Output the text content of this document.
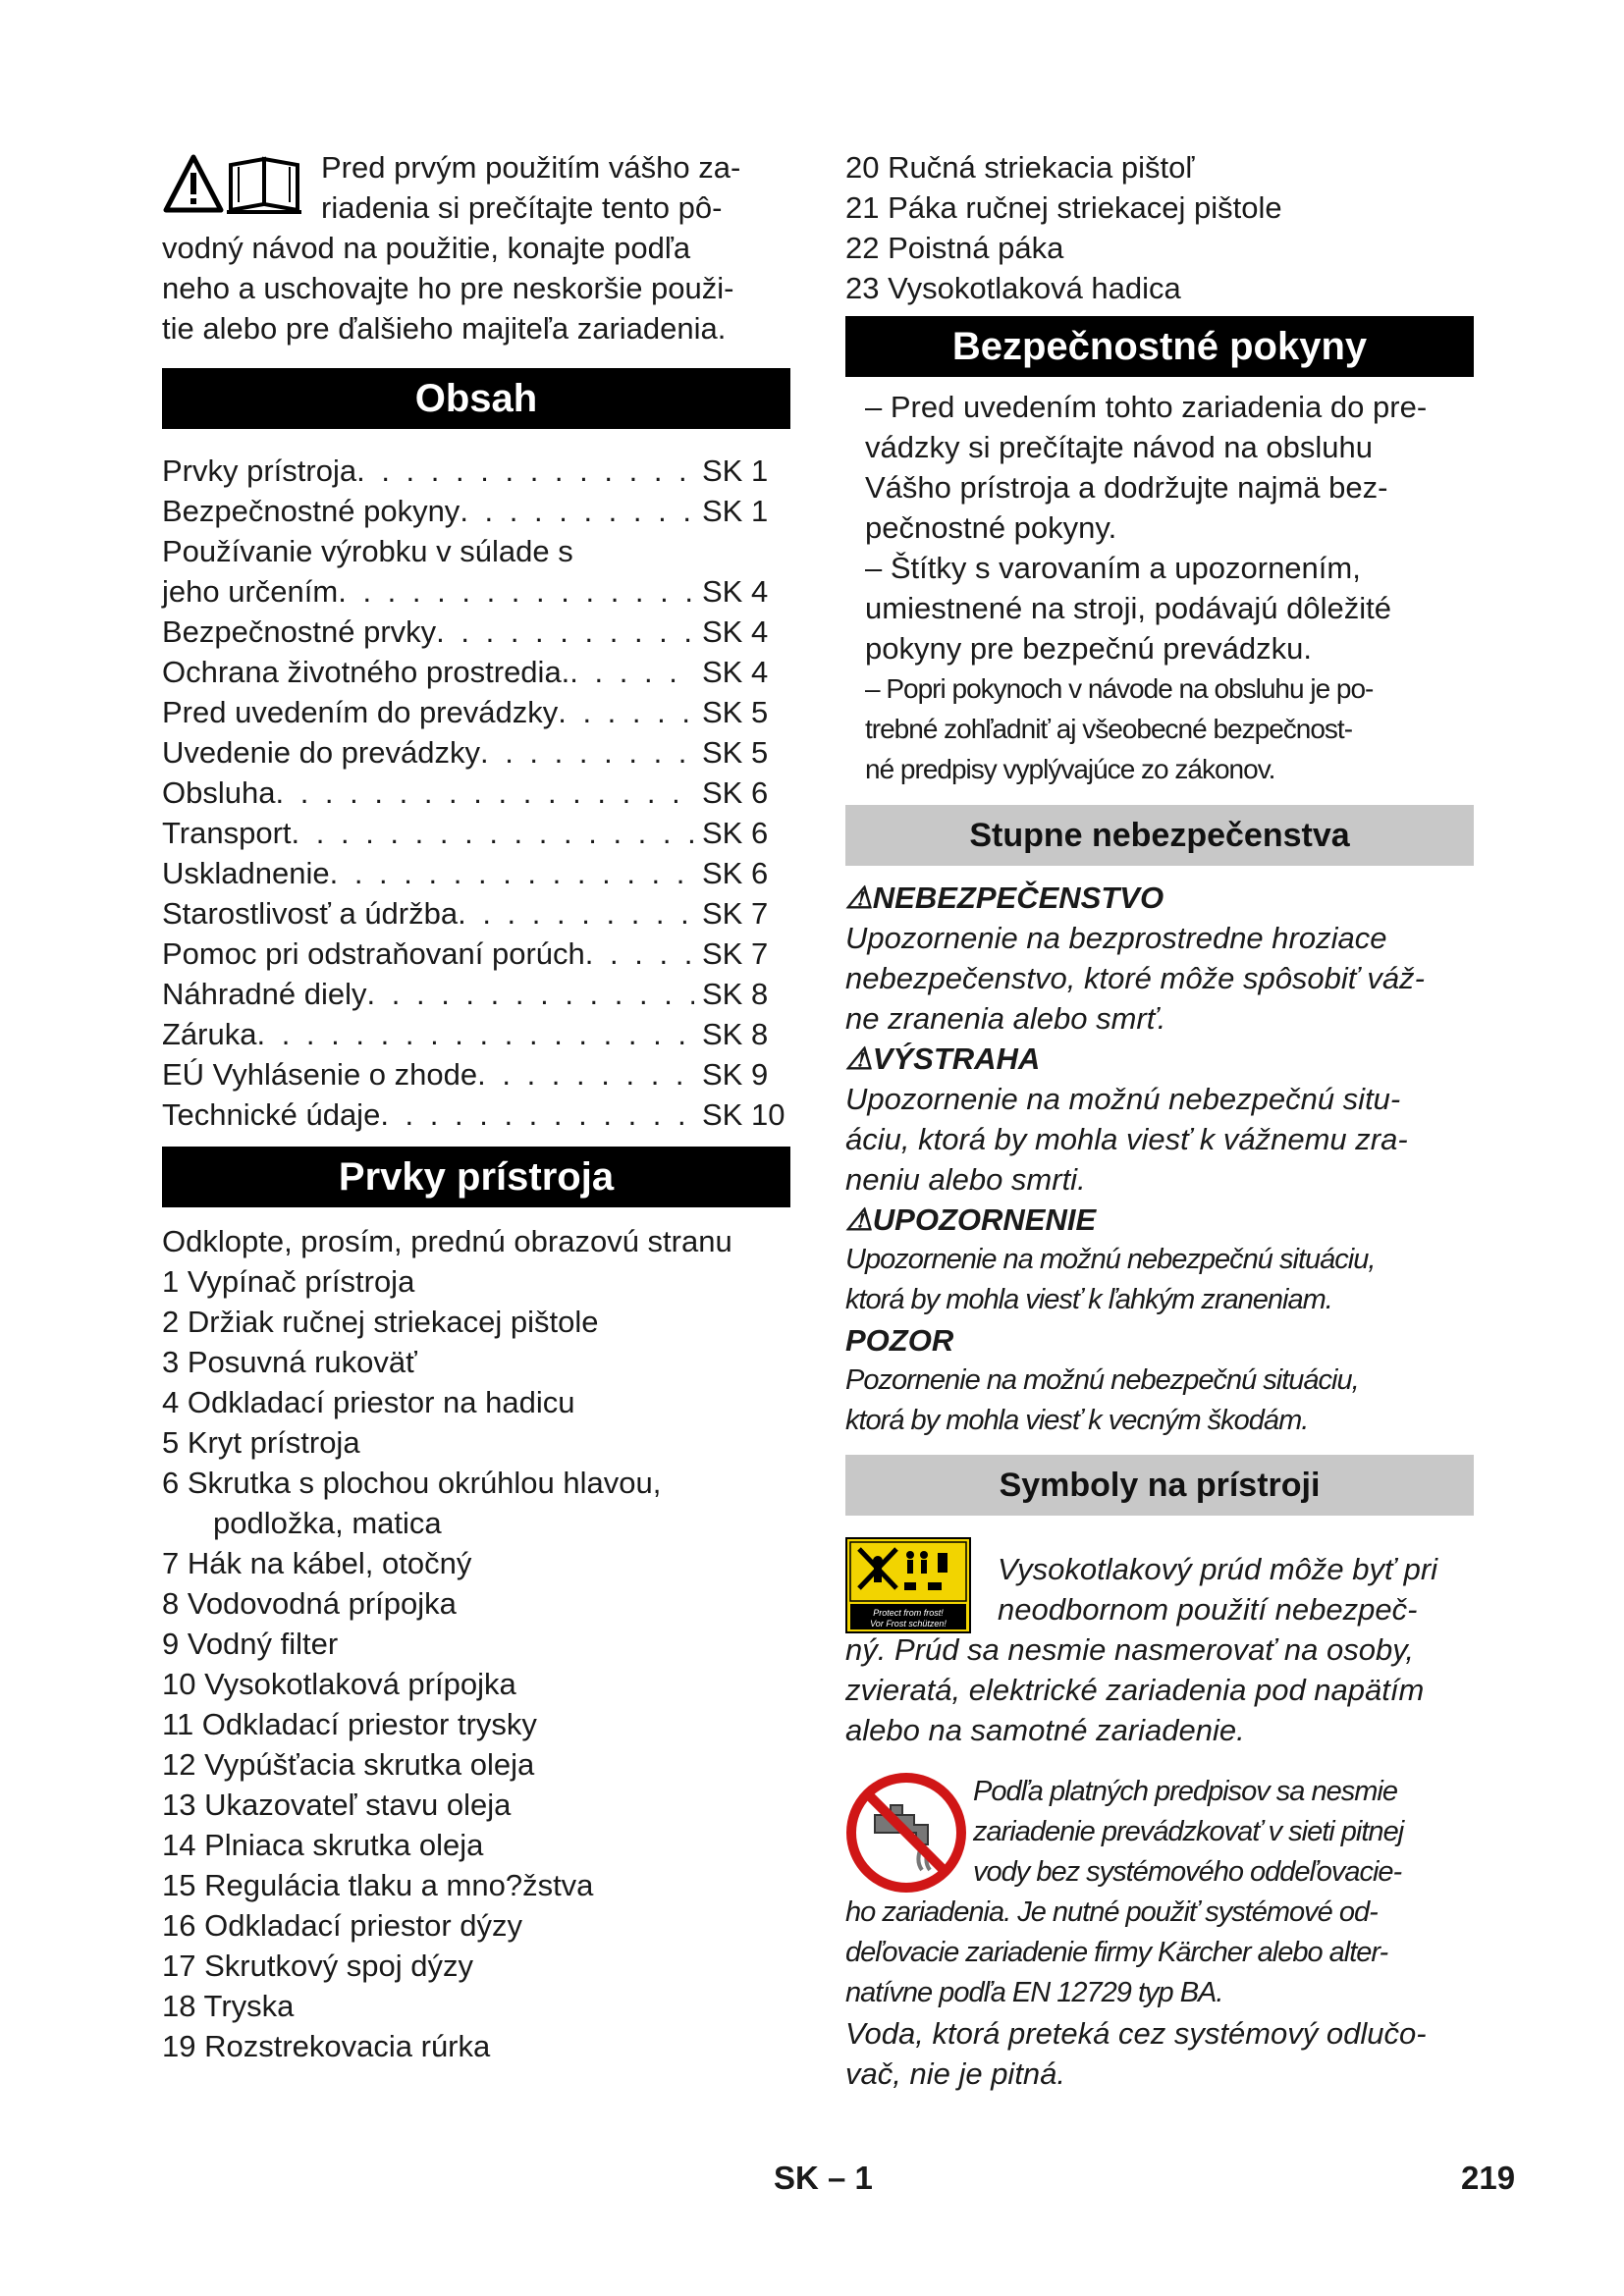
Pred prvým použitím vášho za-
riadenia si prečítajte tento pô-
vodný návod na použitie, konajte podľa
neho a uschovajte ho pre neskoršie použi-
tie alebo pre ďalšieho majiteľa zariadenia.
Obsah
Prvky prístroja . . .	SK 1
Bezpečnostné pokyny . . .	SK 1
Používanie výrobku v súlade s
jeho určením . . .	SK 4
Bezpečnostné prvky . . .	SK 4
Ochrana životného prostredia. . . .	SK 4
Pred uvedením do prevádzky . . .	SK 5
Uvedenie do prevádzky . . .	SK 5
Obsluha . . .	SK 6
Transport . . .	SK 6
Uskladnenie . . .	SK 6
Starostlivosť a údržba . . .	SK 7
Pomoc pri odstraňovaní porúch . . .	SK 7
Náhradné diely . . .	SK 8
Záruka . . .	SK 8
EÚ Vyhlásenie o zhode . . .	SK 9
Technické údaje . . .	SK 10
Prvky prístroja
Odklopte, prosím, prednú obrazovú stranu
1 Vypínač prístroja
2 Držiak ručnej striekacej pištole
3 Posuvná rukoväť
4 Odkladací priestor na hadicu
5 Kryt prístroja
6 Skrutka s plochou okrúhlou hlavou,
podložka, matica
7 Hák na kábel, otočný
8 Vodovodná prípojka
9 Vodný filter
10 Vysokotlaková prípojka
11 Odkladací priestor trysky
12 Vypúšťacia skrutka oleja
13 Ukazovateľ stavu oleja
14 Plniaca skrutka oleja
15 Regulácia tlaku a mno?žstva
16 Odkladací priestor dýzy
17 Skrutkový spoj dýzy
18 Tryska
19 Rozstrekovacia rúrka
20 Ručná striekacia pištoľ
21 Páka ručnej striekacej pištole
22 Poistná páka
23 Vysokotlaková hadica
Bezpečnostné pokyny
– Pred uvedením tohto zariadenia do pre-
vádzky si prečítajte návod na obsluhu
Vášho prístroja a dodržujte najmä bez-
pečnostné pokyny.
– Štítky s varovaním a upozornením,
umiestnené na stroji, podávajú dôležité
pokyny pre bezpečnú prevádzku.
– Popri pokynoch v návode na obsluhu je po-
trebné zohľadniť aj všeobecné bezpečnost-
né predpisy vyplývajúce zo zákonov.
Stupne nebezpečenstva
⚠NEBEZPEČENSTVO
Upozornenie na bezprostredne hroziace
nebezpečenstvo, ktoré môže spôsobiť váž-
ne zranenia alebo smrť.
⚠VÝSTRAHA
Upozornenie na možnú nebezpečnú situ-
áciu, ktorá by mohla viesť k vážnemu zra-
neniu alebo smrti.
⚠UPOZORNENIE
Upozornenie na možnú nebezpečnú situáciu,
ktorá by mohla viesť k ľahkým zraneniam.
POZOR
Pozornenie na možnú nebezpečnú situáciu,
ktorá by mohla viesť k vecným škodám.
Symboly na prístroji
Protect from frost!
Vor Frost schützen!
Vysokotlakový prúd môže byť pri
neodbornom použití nebezpeč-
ný. Prúd sa nesmie nasmerovať na osoby,
zvieratá, elektrické zariadenia pod napätím
alebo na samotné zariadenie.
Podľa platných predpisov sa nesmie
zariadenie prevádzkovať v sieti pitnej
vody bez systémového oddeľovacie-
ho zariadenia. Je nutné použiť systémové od-
deľovacie zariadenie firmy Kärcher alebo alter-
natívne podľa EN 12729 typ BA.
Voda, ktorá preteká cez systémový odlučo-
vač, nie je pitná.
SK – 1	219
